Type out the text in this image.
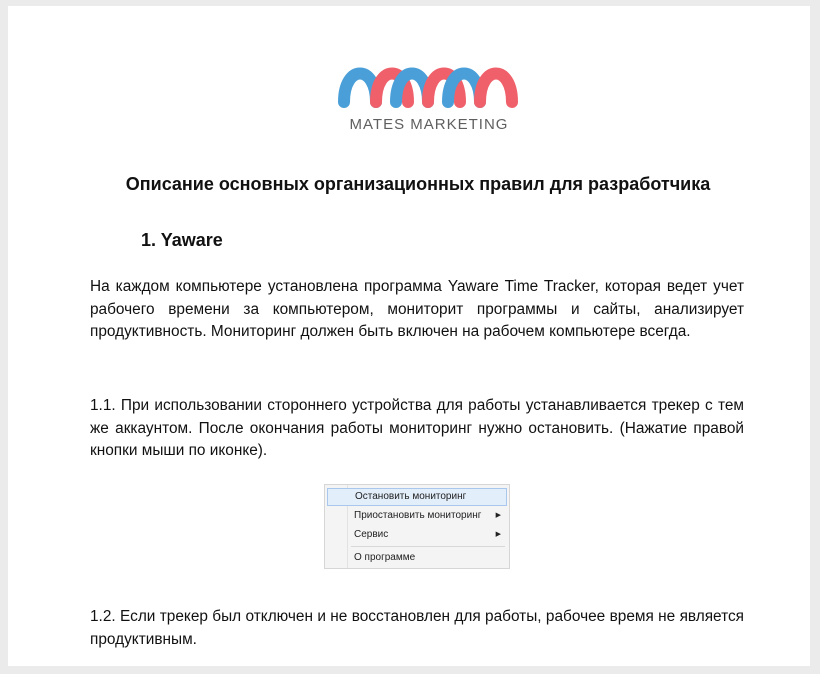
MATES MARKETING
Описание основных организационных правил для разработчика
1. Yaware

На каждом компьютере установлена программа Yaware Time Tracker, которая ведет учет рабочего времени за компьютером, мониторит программы и сайты, анализирует продуктивность. Мониторинг должен быть включен на рабочем компьютере всегда.

1.1. При использовании стороннего устройства для работы устанавливается трекер с тем же аккаунтом. После окончания работы мониторинг нужно остановить. (Нажатие правой кнопки мыши по иконке).

Остановить мониторинг
Приостановить мониторинг ▶
Сервис	▶
О программе

1.2. Если трекер был отключен и не восстановлен для работы, рабочее время не является продуктивным.
